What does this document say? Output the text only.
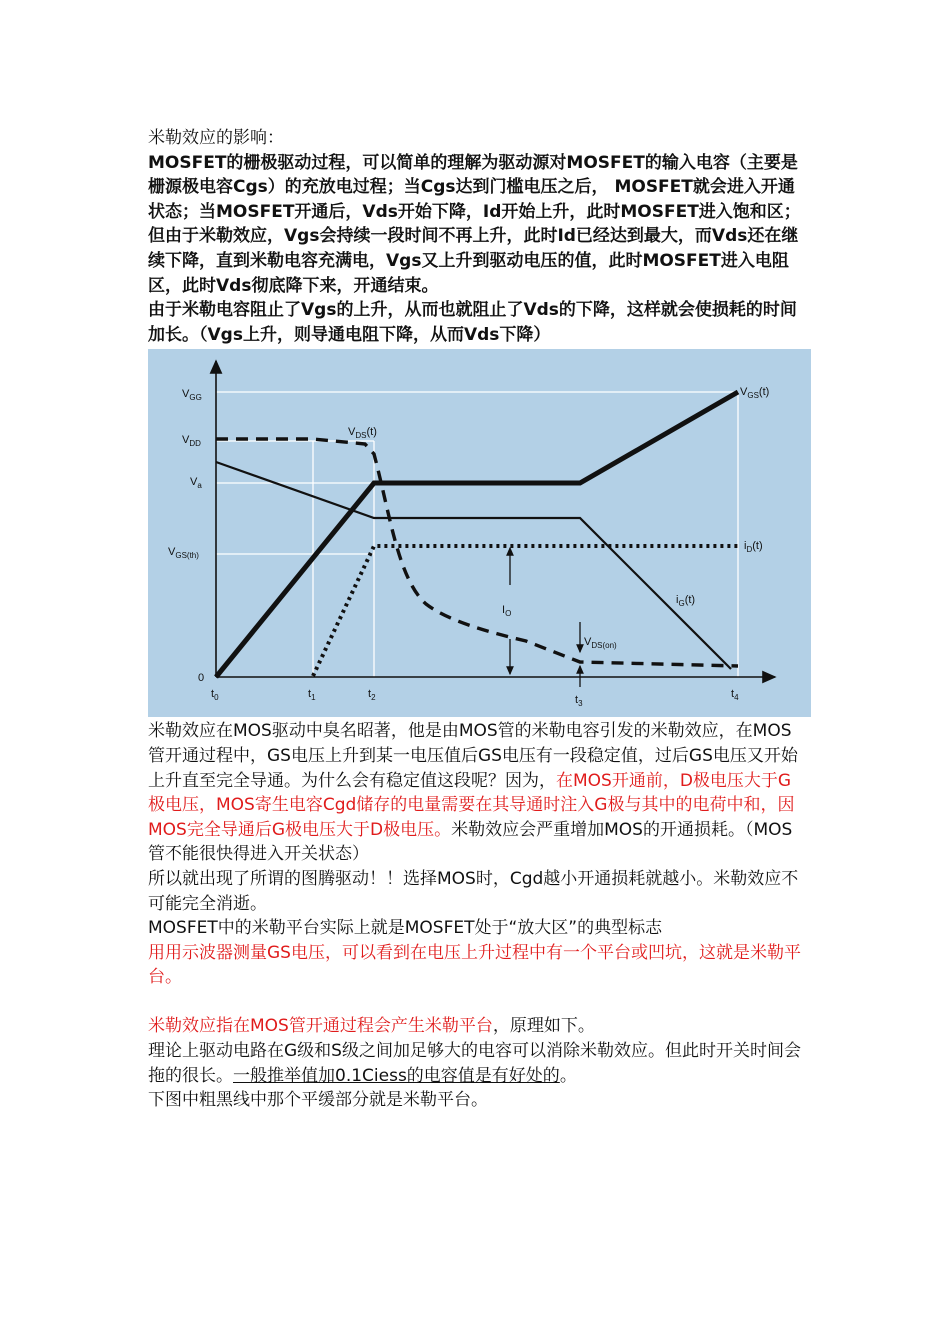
米勒效应的影响：

MOSFET的栅极驱动过程，可以简单的理解为驱动源对MOSFET的输入电容（主要是栅源极电容Cgs）的充放电过程；当Cgs达到门槛电压之后， MOSFET就会进入开通状态；当MOSFET开通后，Vds开始下降，Id开始上升，此时MOSFET进入饱和区；但由于米勒效应，Vgs会持续一段时间不再上升，此时Id已经达到最大，而Vds还在继续下降，直到米勒电容充满电，Vgs又上升到驱动电压的值，此时MOSFET进入电阻区，此时Vds彻底降下来，开通结束。

由于米勒电容阻止了Vgs的上升，从而也就阻止了Vds的下降，这样就会使损耗的时间加长。（Vgs上升，则导通电阻下降，从而Vds下降）

$V_{GG}$
$V_{DD}$
$V_a$
$V_{GS(th)}$
0
$t_0$	$t_1$	$t_2$	$t_3$
$t_4$
$V_{GS}(t)$
$V_{DS}(t)$
$i_D(t)$
$i_G(t)$
$I_O$
$V_{DS(on)}$

米勒效应在MOS驱动中臭名昭著，他是由MOS管的米勒电容引发的米勒效应，在MOS管开通过程中，GS电压上升到某一电压值后GS电压有一段稳定值，过后GS电压又开始上升直至完全导通。为什么会有稳定值这段呢？因为，在MOS开通前，D极电压大于G极电压，MOS寄生电容Cgd储存的电量需要在其导通时注入G极与其中的电荷中和，因MOS完全导通后G极电压大于D极电压。米勒效应会严重增加MOS的开通损耗。（MOS管不能很快得进入开关状态）

所以就出现了所谓的图腾驱动！！选择MOS时，Cgd越小开通损耗就越小。米勒效应不可能完全消逝。

MOSFET中的米勒平台实际上就是MOSFET处于“放大区”的典型标志

用用示波器测量GS电压，可以看到在电压上升过程中有一个平台或凹坑，这就是米勒平台。

米勒效应指在MOS管开通过程会产生米勒平台，原理如下。

理论上驱动电路在G级和S级之间加足够大的电容可以消除米勒效应。但此时开关时间会拖的很长。一般推举值加0.1Ciess的电容值是有好处的。

下图中粗黑线中那个平缓部分就是米勒平台。
